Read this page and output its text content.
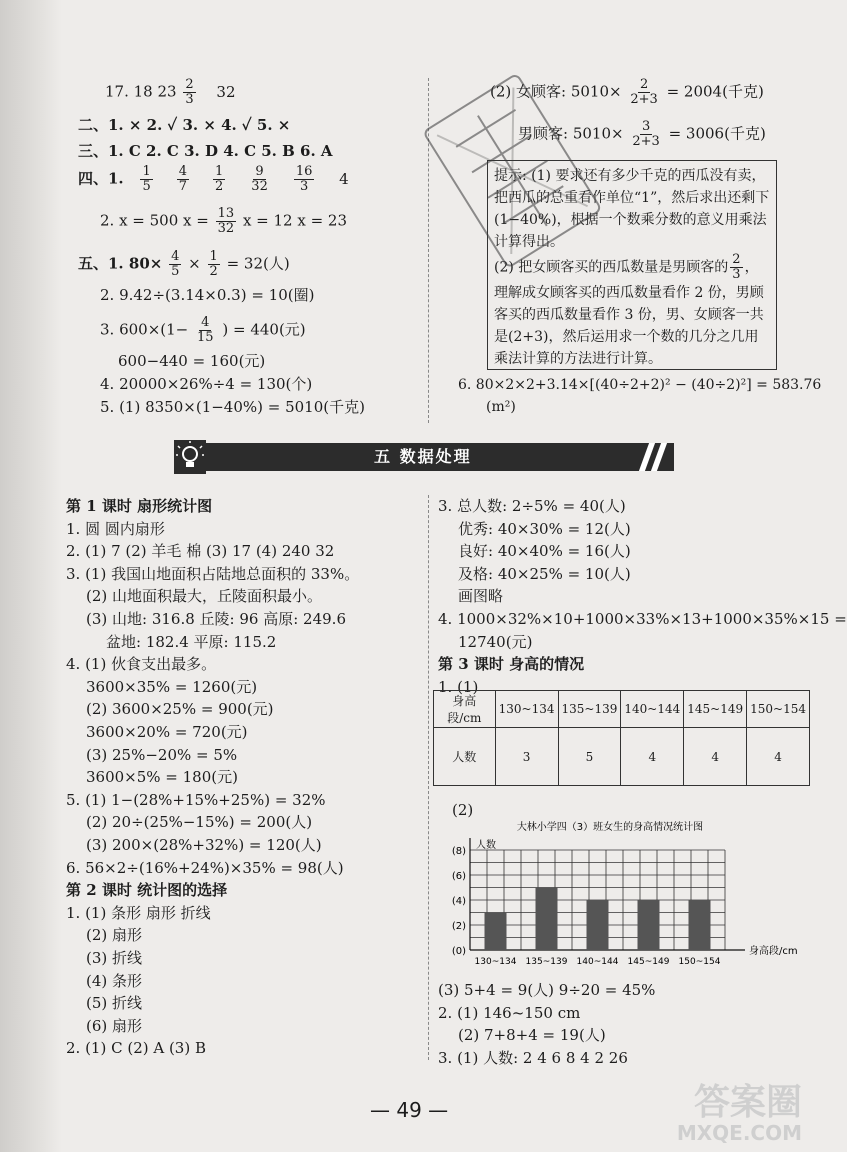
17. 18 $23 \frac{2}{3} 32$
二、1. × 2. ✓ 3. × 4. ✓ 5. ×
三、1. C 2. C 3. D 4. C 5. B 6. A
四、1. $\frac{1}{5} \frac{4}{7} \frac{1}{2} \frac{9}{32} \frac{16}{3} 4$
2. x = 500 $x = \frac{13}{32}$ x = 12 x = 23
五、1. $80\times \frac{4}{5} \times \frac{1}{2} = 32$(人)
2. 9.42÷(3.14×0.3) = 10(圈)
3. $600\times(1- \frac{4}{15}$ ) = 440(元)
600−440 = 160(元)
4. 20000×26%÷4 = 130(个)
5. (1) 8350×(1−40%) = 5010(千克)
(2) 女顾客: $5010\times \frac{2}{2+3} = 2004$(千克)
男顾客: $5010\times \frac{3}{2+3} = 3006$(千克)

提示: (1) 要求还有多少千克的西瓜没有卖，把西瓜的总重看作单位“1”，然后求出还剩下(1−40%)，根据一个数乘分数的意义用乘法计算得出。

(2) 把女顾客买的西瓜数量是男顾客的 $\frac{2}{3}$ ，理解成女顾客买的西瓜数量看作 2 份，男顾客买的西瓜数量看作 3 份，男、女顾客一共是(2+3)，然后运用求一个数的几分之几用乘法计算的方法进行计算。

6. 80×2×2+3.14×[(40÷2+2)² − (40÷2)²] = 583.76
(m²)
五 数据处理
第 1 课时 扇形统计图
1. 圆 圆内扇形
2. (1) 7 (2) 羊毛 棉 (3) 17 (4) 240 32
3. (1) 我国山地面积占陆地总面积的 33%。
(2) 山地面积最大，丘陵面积最小。
(3) 山地: 316.8 丘陵: 96 高原: 249.6
盆地: 182.4 平原: 115.2
4. (1) 伙食支出最多。
3600×35% = 1260(元)
(2) 3600×25% = 900(元)
3600×20% = 720(元)
(3) 25%−20% = 5%
3600×5% = 180(元)
5. (1) 1−(28%+15%+25%) = 32%
(2) 20÷(25%−15%) = 200(人)
(3) 200×(28%+32%) = 120(人)
6. 56×2÷(16%+24%)×35% = 98(人)
第 2 课时 统计图的选择
1. (1) 条形 扇形 折线
(2) 扇形
(3) 折线
(4) 条形
(5) 折线
(6) 扇形
2. (1) C (2) A (3) B
3. 总人数: 2÷5% = 40(人)
优秀: 40×30% = 12(人)
良好: 40×40% = 16(人)
及格: 40×25% = 10(人)
画图略
4. 1000×32%×10+1000×33%×13+1000×35%×15 =
12740(元)
第 3 课时 身高的情况
1. (1)
身高段/cm	130~134	135~139	140~144	145~149	150~154
人数	3	5	4	4	4
(2)
大林小学四（3）班女生的身高情况统计图
人数
身高段/cm
(0)
(2)
(4)
(6)
(8)
130~134 135~139 140~144 145~149 150~154
(3) 5+4 = 9(人) 9÷20 = 45%
2. (1) 146~150 cm
(2) 7+8+4 = 19(人)
3. (1) 人数: 2 4 6 8 4 2 26
— 49 —	答案圈
MXQE.COM
